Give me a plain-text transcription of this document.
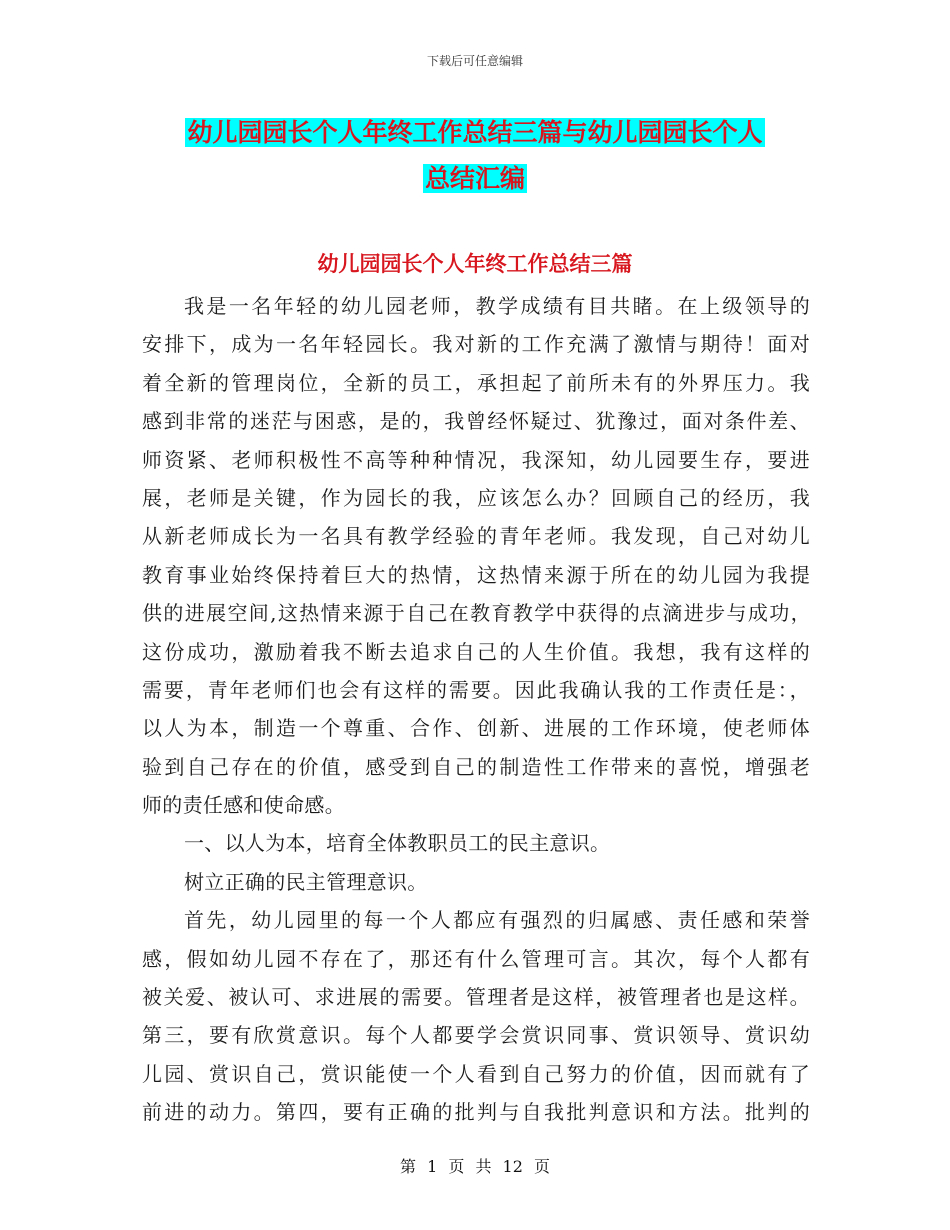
下载后可任意编辑
幼儿园园长个人年终工作总结三篇与幼儿园园长个人
总结汇编
幼儿园园长个人年终工作总结三篇
我是一名年轻的幼儿园老师，教学成绩有目共睹。在上级领导的
安排下，成为一名年轻园长。我对新的工作充满了激情与期待！面对
着全新的管理岗位，全新的员工，承担起了前所未有的外界压力。我
感到非常的迷茫与困惑，是的，我曾经怀疑过、犹豫过，面对条件差、
师资紧、老师积极性不高等种种情况，我深知，幼儿园要生存，要进
展，老师是关键，作为园长的我，应该怎么办？回顾自己的经历，我
从新老师成长为一名具有教学经验的青年老师。我发现，自己对幼儿
教育事业始终保持着巨大的热情，这热情来源于所在的幼儿园为我提
供的进展空间,这热情来源于自己在教育教学中获得的点滴进步与成功，
这份成功，激励着我不断去追求自己的人生价值。我想，我有这样的
需要，青年老师们也会有这样的需要。因此我确认我的工作责任是：，
以人为本，制造一个尊重、合作、创新、进展的工作环境，使老师体
验到自己存在的价值，感受到自己的制造性工作带来的喜悦，增强老
师的责任感和使命感。
一、以人为本，培育全体教职员工的民主意识。
树立正确的民主管理意识。
首先，幼儿园里的每一个人都应有强烈的归属感、责任感和荣誉
感，假如幼儿园不存在了，那还有什么管理可言。其次，每个人都有
被关爱、被认可、求进展的需要。管理者是这样，被管理者也是这样。
第三，要有欣赏意识。每个人都要学会赏识同事、赏识领导、赏识幼
儿园、赏识自己，赏识能使一个人看到自己努力的价值，因而就有了
前进的动力。第四，要有正确的批判与自我批判意识和方法。批判的
第 1 页 共 12 页
